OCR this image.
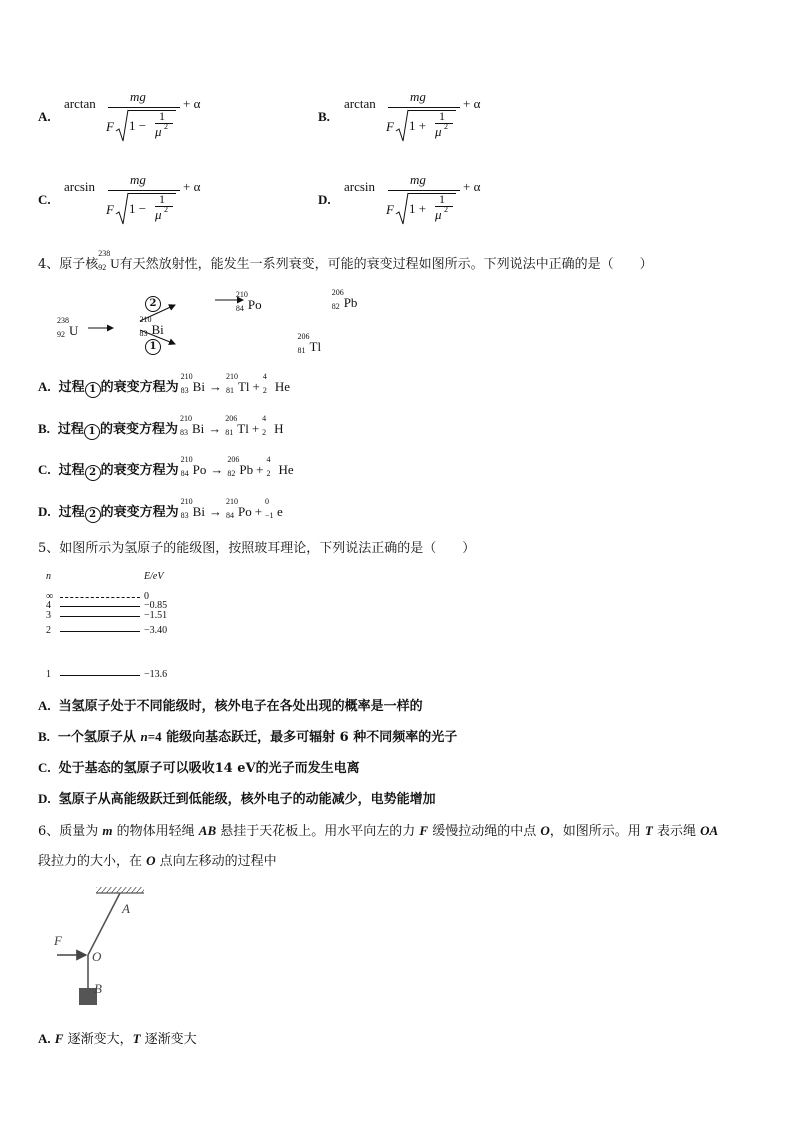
A.
arctan	mg
F 1 −
1
μ 2
+ α
B.
arctan	mg
F 1 +
1
μ 2
+ α
C.
arcsin	mg
F 1 −
1
μ 2
+ α
D.
arcsin	mg
F 1 +
1
μ 2
+ α
4、原子核
238
92 U有天然放射性，能发生一系列衰变，可能的衰变过程如图所示。下列说法中正确的是（　　）
238
92 U
210
83 Bi
210
84 Po
206
82 Pb
206
81 Tl
2
1
A. 过程 1 的衰变方程为
210
83 Bi →
210
81 Tl +
4
2 He
B. 过程 1 的衰变方程为
210
83 Bi →
206
81 Tl +
4
2 H
C. 过程 2 的衰变方程为
210
84 Po →
206
82 Pb +
4
2 He
D. 过程 2 的衰变方程为
210
83 Bi →
210
84 Po +
0
−1 e
5、如图所示为氢原子的能级图，按照玻耳理论，下列说法正确的是（　　）
n	E/eV
∞	0
4	−0.85
3	−1.51
2	−3.40
1	−13.6
A. 当氢原子处于不同能级时，核外电子在各处出现的概率是一样的
B. 一个氢原子从 n=4 能级向基态跃迁，最多可辐射 6 种不同频率的光子
C. 处于基态的氢原子可以吸收14 eV的光子而发生电离
D. 氢原子从高能级跃迁到低能级，核外电子的动能减少，电势能增加
6、质量为 m 的物体用轻绳 AB 悬挂于天花板上。用水平向左的力 F 缓慢拉动绳的中点 O，如图所示。用 T 表示绳 OA
段拉力的大小，在 O 点向左移动的过程中
A
O
B
F
A. F 逐渐变大，T 逐渐变大
